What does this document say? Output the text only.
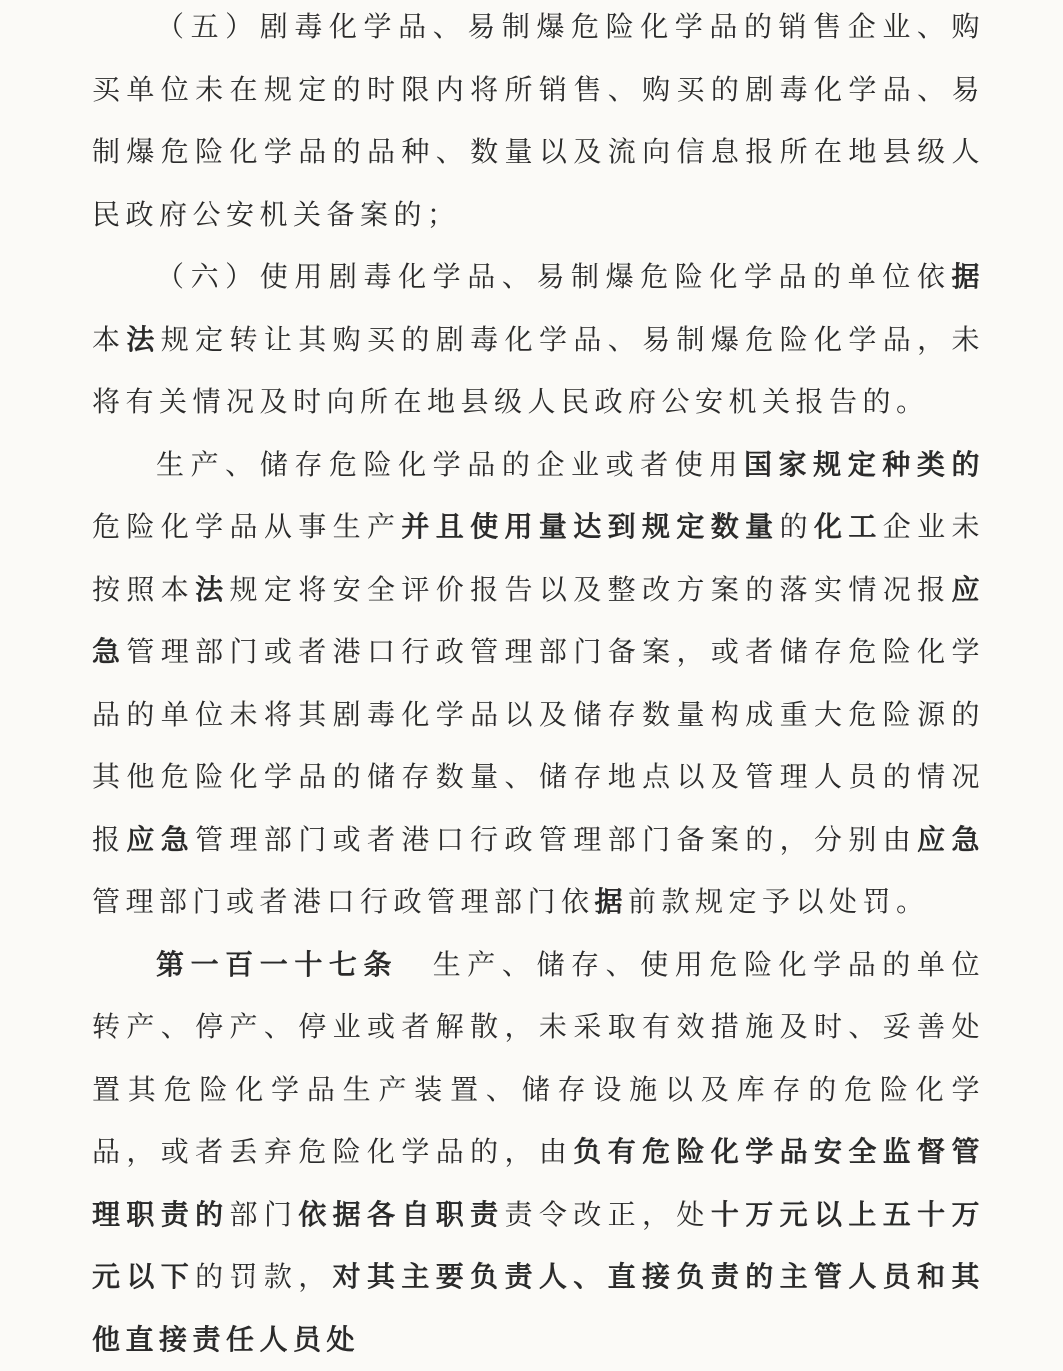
（五）剧毒化学品、易制爆危险化学品的销售企业、购买单位未在规定的时限内将所销售、购买的剧毒化学品、易制爆危险化学品的品种、数量以及流向信息报所在地县级人民政府公安机关备案的；

（六）使用剧毒化学品、易制爆危险化学品的单位依据本法规定转让其购买的剧毒化学品、易制爆危险化学品，未将有关情况及时向所在地县级人民政府公安机关报告的。

生产、储存危险化学品的企业或者使用国家规定种类的危险化学品从事生产并且使用量达到规定数量的化工企业未按照本法规定将安全评价报告以及整改方案的落实情况报应急管理部门或者港口行政管理部门备案，或者储存危险化学品的单位未将其剧毒化学品以及储存数量构成重大危险源的其他危险化学品的储存数量、储存地点以及管理人员的情况报应急管理部门或者港口行政管理部门备案的，分别由应急管理部门或者港口行政管理部门依据前款规定予以处罚。

第一百一十七条　生产、储存、使用危险化学品的单位转产、停产、停业或者解散，未采取有效措施及时、妥善处置其危险化学品生产装置、储存设施以及库存的危险化学品，或者丢弃危险化学品的，由负有危险化学品安全监督管理职责的部门依据各自职责责令改正，处十万元以上五十万元以下的罚款，对其主要负责人、直接负责的主管人员和其他直接责任人员处
